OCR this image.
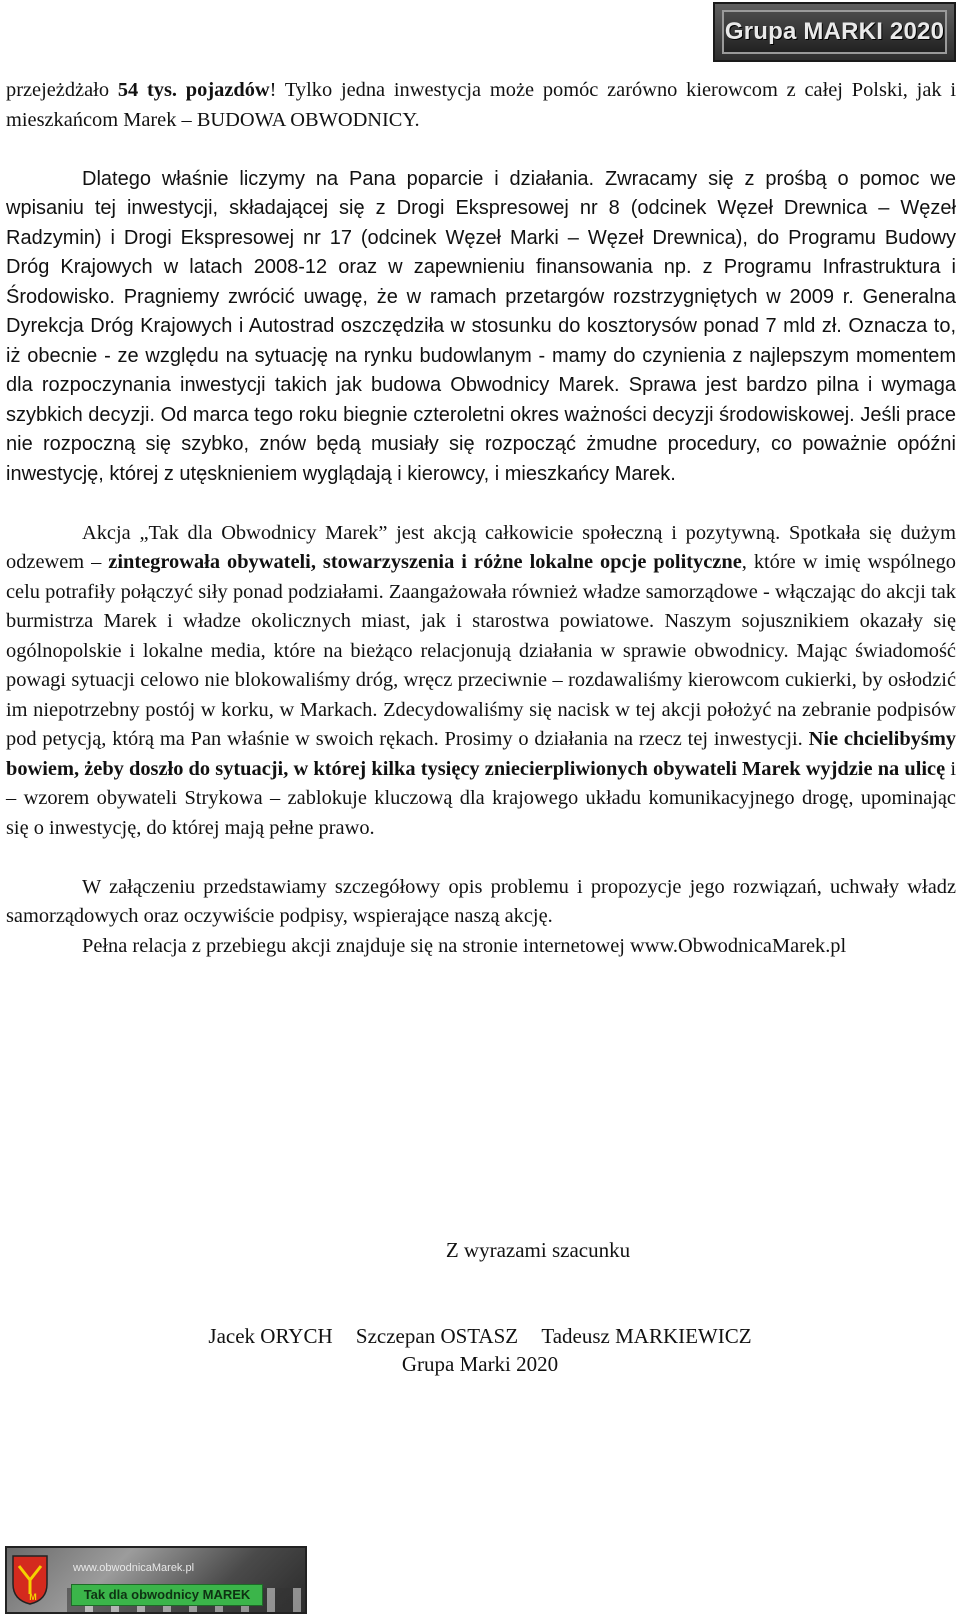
Grupa MARKI 2020

przejeżdżało 54 tys. pojazdów! Tylko jedna inwestycja może pomóc zarówno kierowcom z całej Polski, jak i mieszkańcom Marek – BUDOWA OBWODNICY.

Dlatego właśnie liczymy na Pana poparcie i działania. Zwracamy się z prośbą o pomoc we wpisaniu tej inwestycji, składającej się z Drogi Ekspresowej nr 8 (odcinek Węzeł Drewnica – Węzeł Radzymin) i Drogi Ekspresowej nr 17 (odcinek Węzeł Marki – Węzeł Drewnica), do Programu Budowy Dróg Krajowych w latach 2008-12 oraz w zapewnieniu finansowania np. z Programu Infrastruktura i Środowisko. Pragniemy zwrócić uwagę, że w ramach przetargów rozstrzygniętych w 2009 r. Generalna Dyrekcja Dróg Krajowych i Autostrad oszczędziła w stosunku do kosztorysów ponad 7 mld zł. Oznacza to, iż obecnie - ze względu na sytuację na rynku budowlanym - mamy do czynienia z najlepszym momentem dla rozpoczynania inwestycji takich jak budowa Obwodnicy Marek. Sprawa jest bardzo pilna i wymaga szybkich decyzji. Od marca tego roku biegnie czteroletni okres ważności decyzji środowiskowej. Jeśli prace nie rozpoczną się szybko, znów będą musiały się rozpocząć żmudne procedury, co poważnie opóźni inwestycję, której z utęsknieniem wyglądają i kierowcy, i mieszkańcy Marek.

Akcja „Tak dla Obwodnicy Marek” jest akcją całkowicie społeczną i pozytywną. Spotkała się dużym odzewem – zintegrowała obywateli, stowarzyszenia i różne lokalne opcje polityczne, które w imię wspólnego celu potrafiły połączyć siły ponad podziałami. Zaangażowała również władze samorządowe - włączając do akcji tak burmistrza Marek i władze okolicznych miast, jak i starostwa powiatowe. Naszym sojusznikiem okazały się ogólnopolskie i lokalne media, które na bieżąco relacjonują działania w sprawie obwodnicy. Mając świadomość powagi sytuacji celowo nie blokowaliśmy dróg, wręcz przeciwnie – rozdawaliśmy kierowcom cukierki, by osłodzić im niepotrzebny postój w korku, w Markach. Zdecydowaliśmy się nacisk w tej akcji położyć na zebranie podpisów pod petycją, którą ma Pan właśnie w swoich rękach. Prosimy o działania na rzecz tej inwestycji. Nie chcielibyśmy bowiem, żeby doszło do sytuacji, w której kilka tysięcy zniecierpliwionych obywateli Marek wyjdzie na ulicę i – wzorem obywateli Strykowa – zablokuje kluczową dla krajowego układu komunikacyjnego drogę, upominając się o inwestycję, do której mają pełne prawo.

W załączeniu przedstawiamy szczegółowy opis problemu i propozycje jego rozwiązań, uchwały władz samorządowych oraz oczywiście podpisy, wspierające naszą akcję.

Pełna relacja z przebiegu akcji znajduje się na stronie internetowej www.ObwodnicaMarek.pl

Z wyrazami szacunku
Jacek ORYCH Szczepan OSTASZ Tadeusz MARKIEWICZ
Grupa Marki 2020
M
www.obwodnicaMarek.pl
Tak dla obwodnicy MAREK
